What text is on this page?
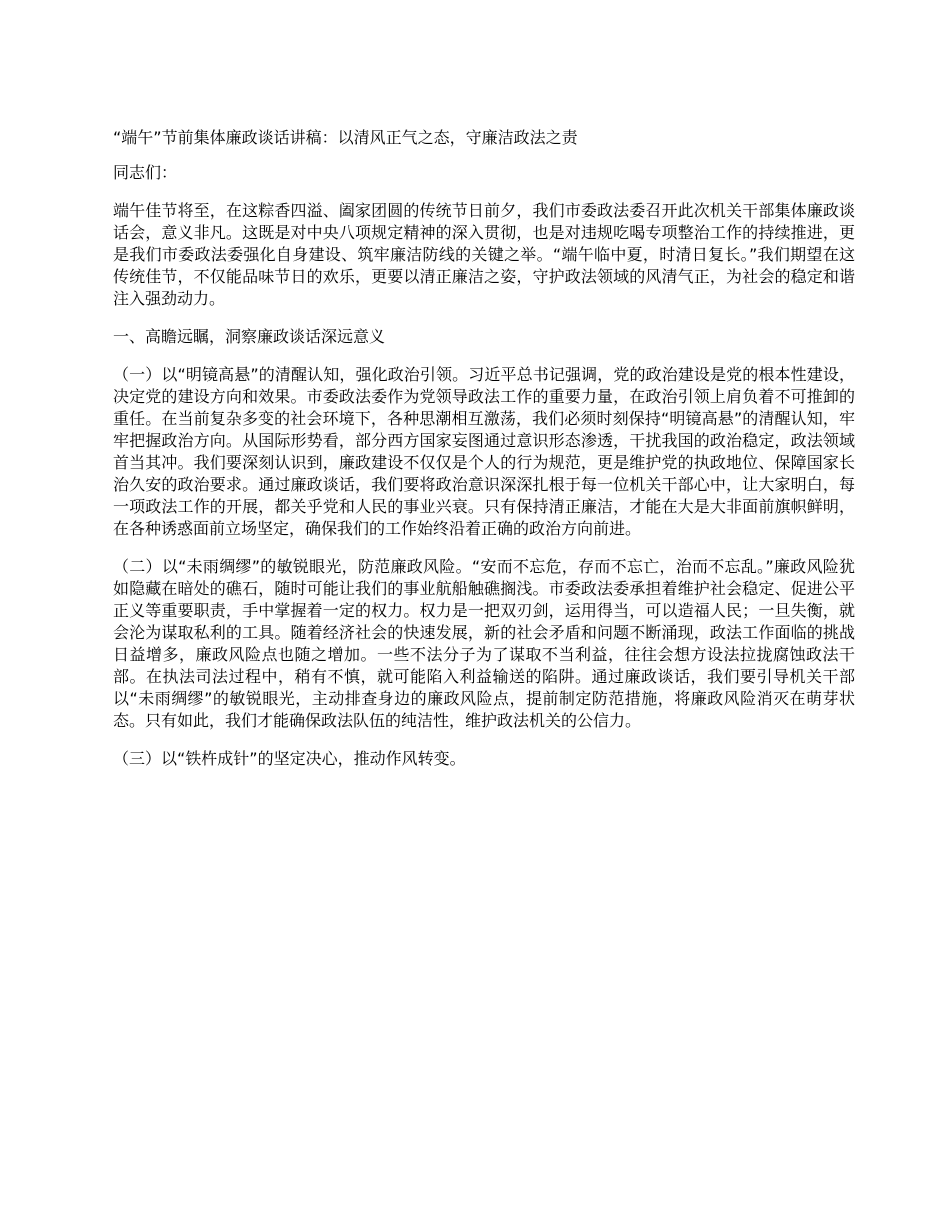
“端午”节前集体廉政谈话讲稿：以清风正气之态，守廉洁政法之责

同志们：

端午佳节将至，在这粽香四溢、阖家团圆的传统节日前夕，我们市委政法委召开此次机关干部集体廉政谈话会，意义非凡。这既是对中央八项规定精神的深入贯彻，也是对违规吃喝专项整治工作的持续推进，更是我们市委政法委强化自身建设、筑牢廉洁防线的关键之举。“端午临中夏，时清日复长。”我们期望在这传统佳节，不仅能品味节日的欢乐，更要以清正廉洁之姿，守护政法领域的风清气正，为社会的稳定和谐注入强劲动力。

一、高瞻远瞩，洞察廉政谈话深远意义

（一）以“明镜高悬”的清醒认知，强化政治引领。习近平总书记强调，党的政治建设是党的根本性建设，决定党的建设方向和效果。市委政法委作为党领导政法工作的重要力量，在政治引领上肩负着不可推卸的重任。在当前复杂多变的社会环境下，各种思潮相互激荡，我们必须时刻保持“明镜高悬”的清醒认知，牢牢把握政治方向。从国际形势看，部分西方国家妄图通过意识形态渗透，干扰我国的政治稳定，政法领域首当其冲。我们要深刻认识到，廉政建设不仅仅是个人的行为规范，更是维护党的执政地位、保障国家长治久安的政治要求。通过廉政谈话，我们要将政治意识深深扎根于每一位机关干部心中，让大家明白，每一项政法工作的开展，都关乎党和人民的事业兴衰。只有保持清正廉洁，才能在大是大非面前旗帜鲜明，在各种诱惑面前立场坚定，确保我们的工作始终沿着正确的政治方向前进。

（二）以“未雨绸缪”的敏锐眼光，防范廉政风险。“安而不忘危，存而不忘亡，治而不忘乱。”廉政风险犹如隐藏在暗处的礁石，随时可能让我们的事业航船触礁搁浅。市委政法委承担着维护社会稳定、促进公平正义等重要职责，手中掌握着一定的权力。权力是一把双刃剑，运用得当，可以造福人民；一旦失衡，就会沦为谋取私利的工具。随着经济社会的快速发展，新的社会矛盾和问题不断涌现，政法工作面临的挑战日益增多，廉政风险点也随之增加。一些不法分子为了谋取不当利益，往往会想方设法拉拢腐蚀政法干部。在执法司法过程中，稍有不慎，就可能陷入利益输送的陷阱。通过廉政谈话，我们要引导机关干部以“未雨绸缪”的敏锐眼光，主动排查身边的廉政风险点，提前制定防范措施，将廉政风险消灭在萌芽状态。只有如此，我们才能确保政法队伍的纯洁性，维护政法机关的公信力。

（三）以“铁杵成针”的坚定决心，推动作风转变。
